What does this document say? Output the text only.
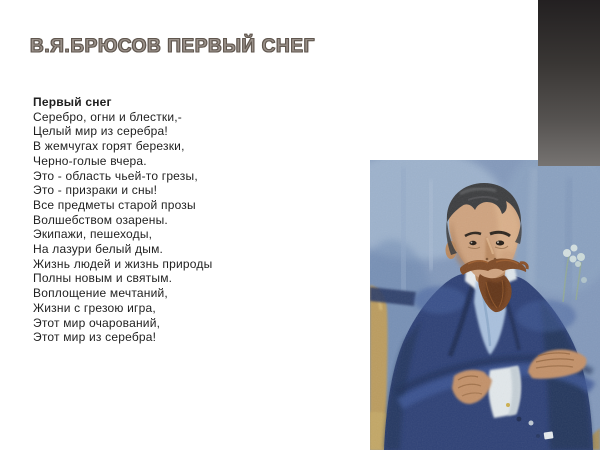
В.Я.БРЮСОВ ПЕРВЫЙ СНЕГ
Первый снег
Серебро, огни и блестки,-
Целый мир из серебра!
В жемчугах горят березки,
Черно-голые вчера.
Это - область чьей-то грезы,
Это - призраки и сны!
Все предметы старой прозы
Волшебством озарены.
Экипажи, пешеходы,
На лазури белый дым.
Жизнь людей и жизнь природы
Полны новым и святым.
Воплощение мечтаний,
Жизни с грезою игра,
Этот мир очарований,
Этот мир из серебра!
